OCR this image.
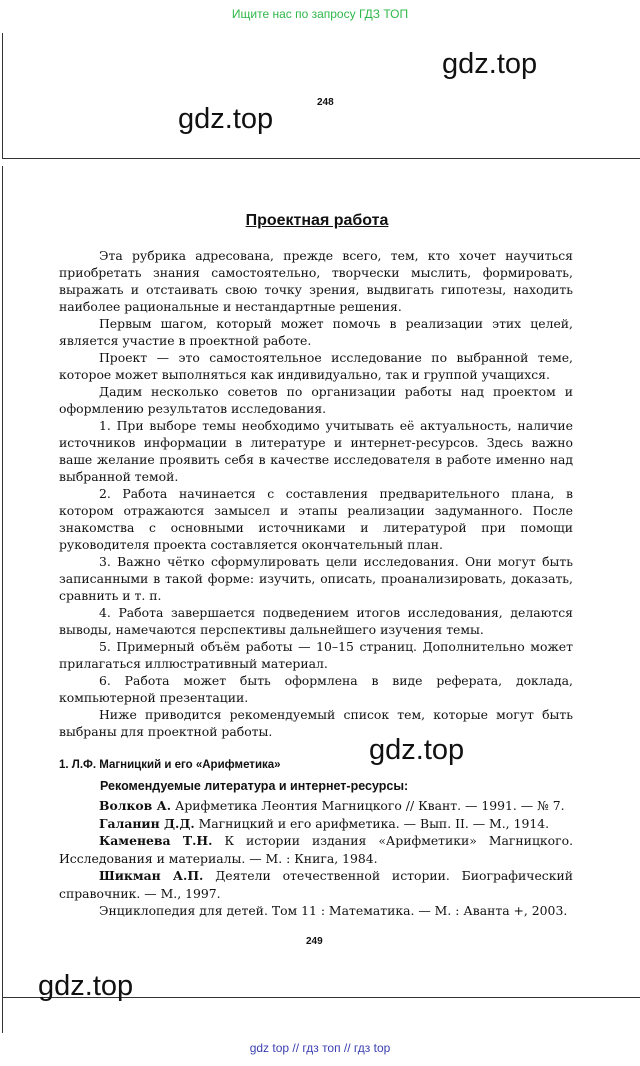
Ищите нас по запросу ГДЗ ТОП
gdz.top
gdz.top
248
Проектная работа

Эта рубрика адресована, прежде всего, тем, кто хочет научиться приобретать знания самостоятельно, творчески мыслить, формировать, выражать и отстаивать свою точку зрения, выдвигать гипотезы, находить наиболее рациональные и нестандартные решения.

Первым шагом, который может помочь в реализации этих целей, является участие в проектной работе.

Проект — это самостоятельное исследование по выбранной теме, которое может выполняться как индивидуально, так и группой учащихся.

Дадим несколько советов по организации работы над проектом и оформлению результатов исследования.

1. При выборе темы необходимо учитывать её актуальность, наличие источников информации в литературе и интернет-ресурсов. Здесь важно ваше желание проявить себя в качестве исследователя в работе именно над выбранной темой.

2. Работа начинается с составления предварительного плана, в котором отражаются замысел и этапы реализации задуманного. После знакомства с основными источниками и литературой при помощи руководителя проекта составляется окончательный план.

3. Важно чётко сформулировать цели исследования. Они могут быть записанными в такой форме: изучить, описать, проанализировать, доказать, сравнить и т. п.

4. Работа завершается подведением итогов исследования, делаются выводы, намечаются перспективы дальнейшего изучения темы.

5. Примерный объём работы — 10–15 страниц. Дополнительно может прилагаться иллюстративный материал.

6. Работа может быть оформлена в виде реферата, доклада, компьютерной презентации.

Ниже приводится рекомендуемый список тем, которые могут быть выбраны для проектной работы.

gdz.top
1. Л.Ф. Магницкий и его «Арифметика»
Рекомендуемые литература и интернет-ресурсы:

Волков А. Арифметика Леонтия Магницкого // Квант. — 1991. — № 7.

Галанин Д.Д. Магницкий и его арифметика. — Вып. II. — М., 1914.

Каменева Т.Н. К истории издания «Арифметики» Магницкого. Исследования и материалы. — М. : Книга, 1984.

Шикман А.П. Деятели отечественной истории. Биографический справочник. — М., 1997.

Энциклопедия для детей. Том 11 : Математика. — М. : Аванта +, 2003.

249
gdz.top
gdz top // гдз топ // гдз top
